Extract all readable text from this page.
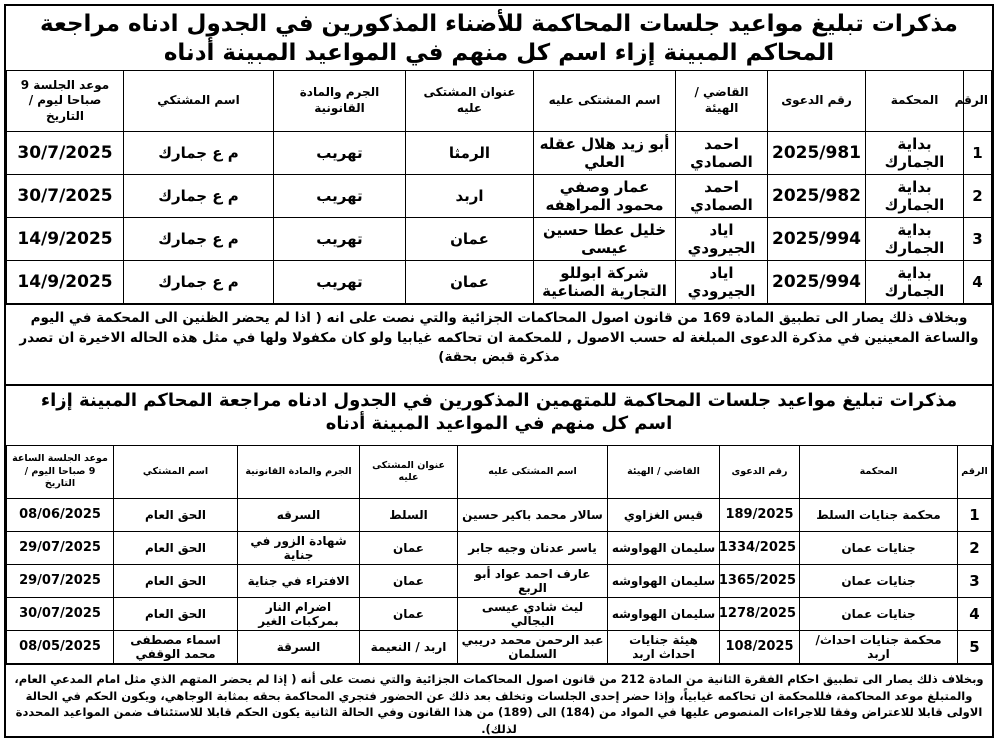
مذكرات تبليغ مواعيد جلسات المحاكمة للأضناء المذكورين في الجدول ادناه مراجعة المحاكم المبينة إزاء اسم كل منهم في المواعيد المبينة أدناه
الرقم	المحكمة	رقم الدعوى	القاضي / الهيئة	اسم المشتكى عليه	عنوان المشتكى عليه	الجرم والمادة القانونية	اسم المشتكي	موعد الجلسة 9 صباحا ليوم / التاريخ
1	بداية الجمارك	2025/981	احمد الصمادي	أبو زيد هلال عقله العلي	الرمثا	تهريب	م ع جمارك	30/7/2025
2	بداية الجمارك	2025/982	احمد الصمادي	عمار وصفي محمود المراهفه	اربد	تهريب	م ع جمارك	30/7/2025
3	بداية الجمارك	2025/994	اياد الجيرودي	خليل عطا حسين عيسى	عمان	تهريب	م ع جمارك	14/9/2025
4	بداية الجمارك	2025/994	اياد الجيرودي	شركة ابوللو التجارية الصناعية	عمان	تهريب	م ع جمارك	14/9/2025
وبخلاف ذلك يصار الى تطبيق المادة 169 من قانون اصول المحاكمات الجزائية والتي نصت على انه ( اذا لم يحضر الظنين الى المحكمة في اليوم والساعة المعينين في مذكرة الدعوى المبلغة له حسب الاصول , للمحكمة ان تحاكمه غيابيا ولو كان مكفولا ولها في مثل هذه الحاله الاخيرة ان تصدر مذكرة قبض بحقة)
مذكرات تبليغ مواعيد جلسات المحاكمة للمتهمين المذكورين في الجدول ادناه مراجعة المحاكم المبينة إزاء اسم كل منهم في المواعيد المبينة أدناه
الرقم	المحكمة	رقم الدعوى	القاضي / الهيئة	اسم المشتكى عليه	عنوان المشتكى عليه	الجرم والمادة القانونية	اسم المشتكي	موعد الجلسة الساعة 9 صباحا اليوم / التاريخ
1	محكمة جنايات السلط	189/2025	قيس الغزاوي	سالار محمد باكير حسين	السلط	السرقه	الحق العام	08/06/2025
2	جنايات عمان	1334/2025	سليمان الهواوشه	ياسر عدنان وجيه جابر	عمان	شهادة الزور في جناية	الحق العام	29/07/2025
3	جنايات عمان	1365/2025	سليمان الهواوشه	عارف احمد عواد أبو الربع	عمان	الافتراء في جناية	الحق العام	29/07/2025
4	جنايات عمان	1278/2025	سليمان الهواوشه	ليث شادي عيسى البجالي	عمان	اضرام النار بمركبات الغير	الحق العام	30/07/2025
5	محكمة جنايات احداث/ اربد	108/2025	هيئة جنايات احداث اربد	عبد الرحمن محمد دريبي السلمان	اربد / النعيمة	السرقة	اسماء مصطفى محمد الوقفي	08/05/2025
وبخلاف ذلك يصار الى تطبيق احكام الفقرة الثانية من المادة 212 من قانون اصول المحاكمات الجزائية والتي نصت على أنه ( إذا لم يحضر المتهم الذي مثل امام المدعي العام، والمتبلغ موعد المحاكمة، فللمحكمة ان تحاكمه غيابياً، وإذا حضر إحدى الجلسات وتخلف بعد ذلك عن الحضور فتجري المحاكمة بحقه بمثابة الوجاهي، ويكون الحكم في الحالة الاولى قابلا للاعتراض وفقا للاجراءات المنصوص عليها في المواد من (184) الى (189) من هذا القانون وفي الحالة الثانية يكون الحكم قابلا للاستئناف ضمن المواعيد المحددة لذلك).
